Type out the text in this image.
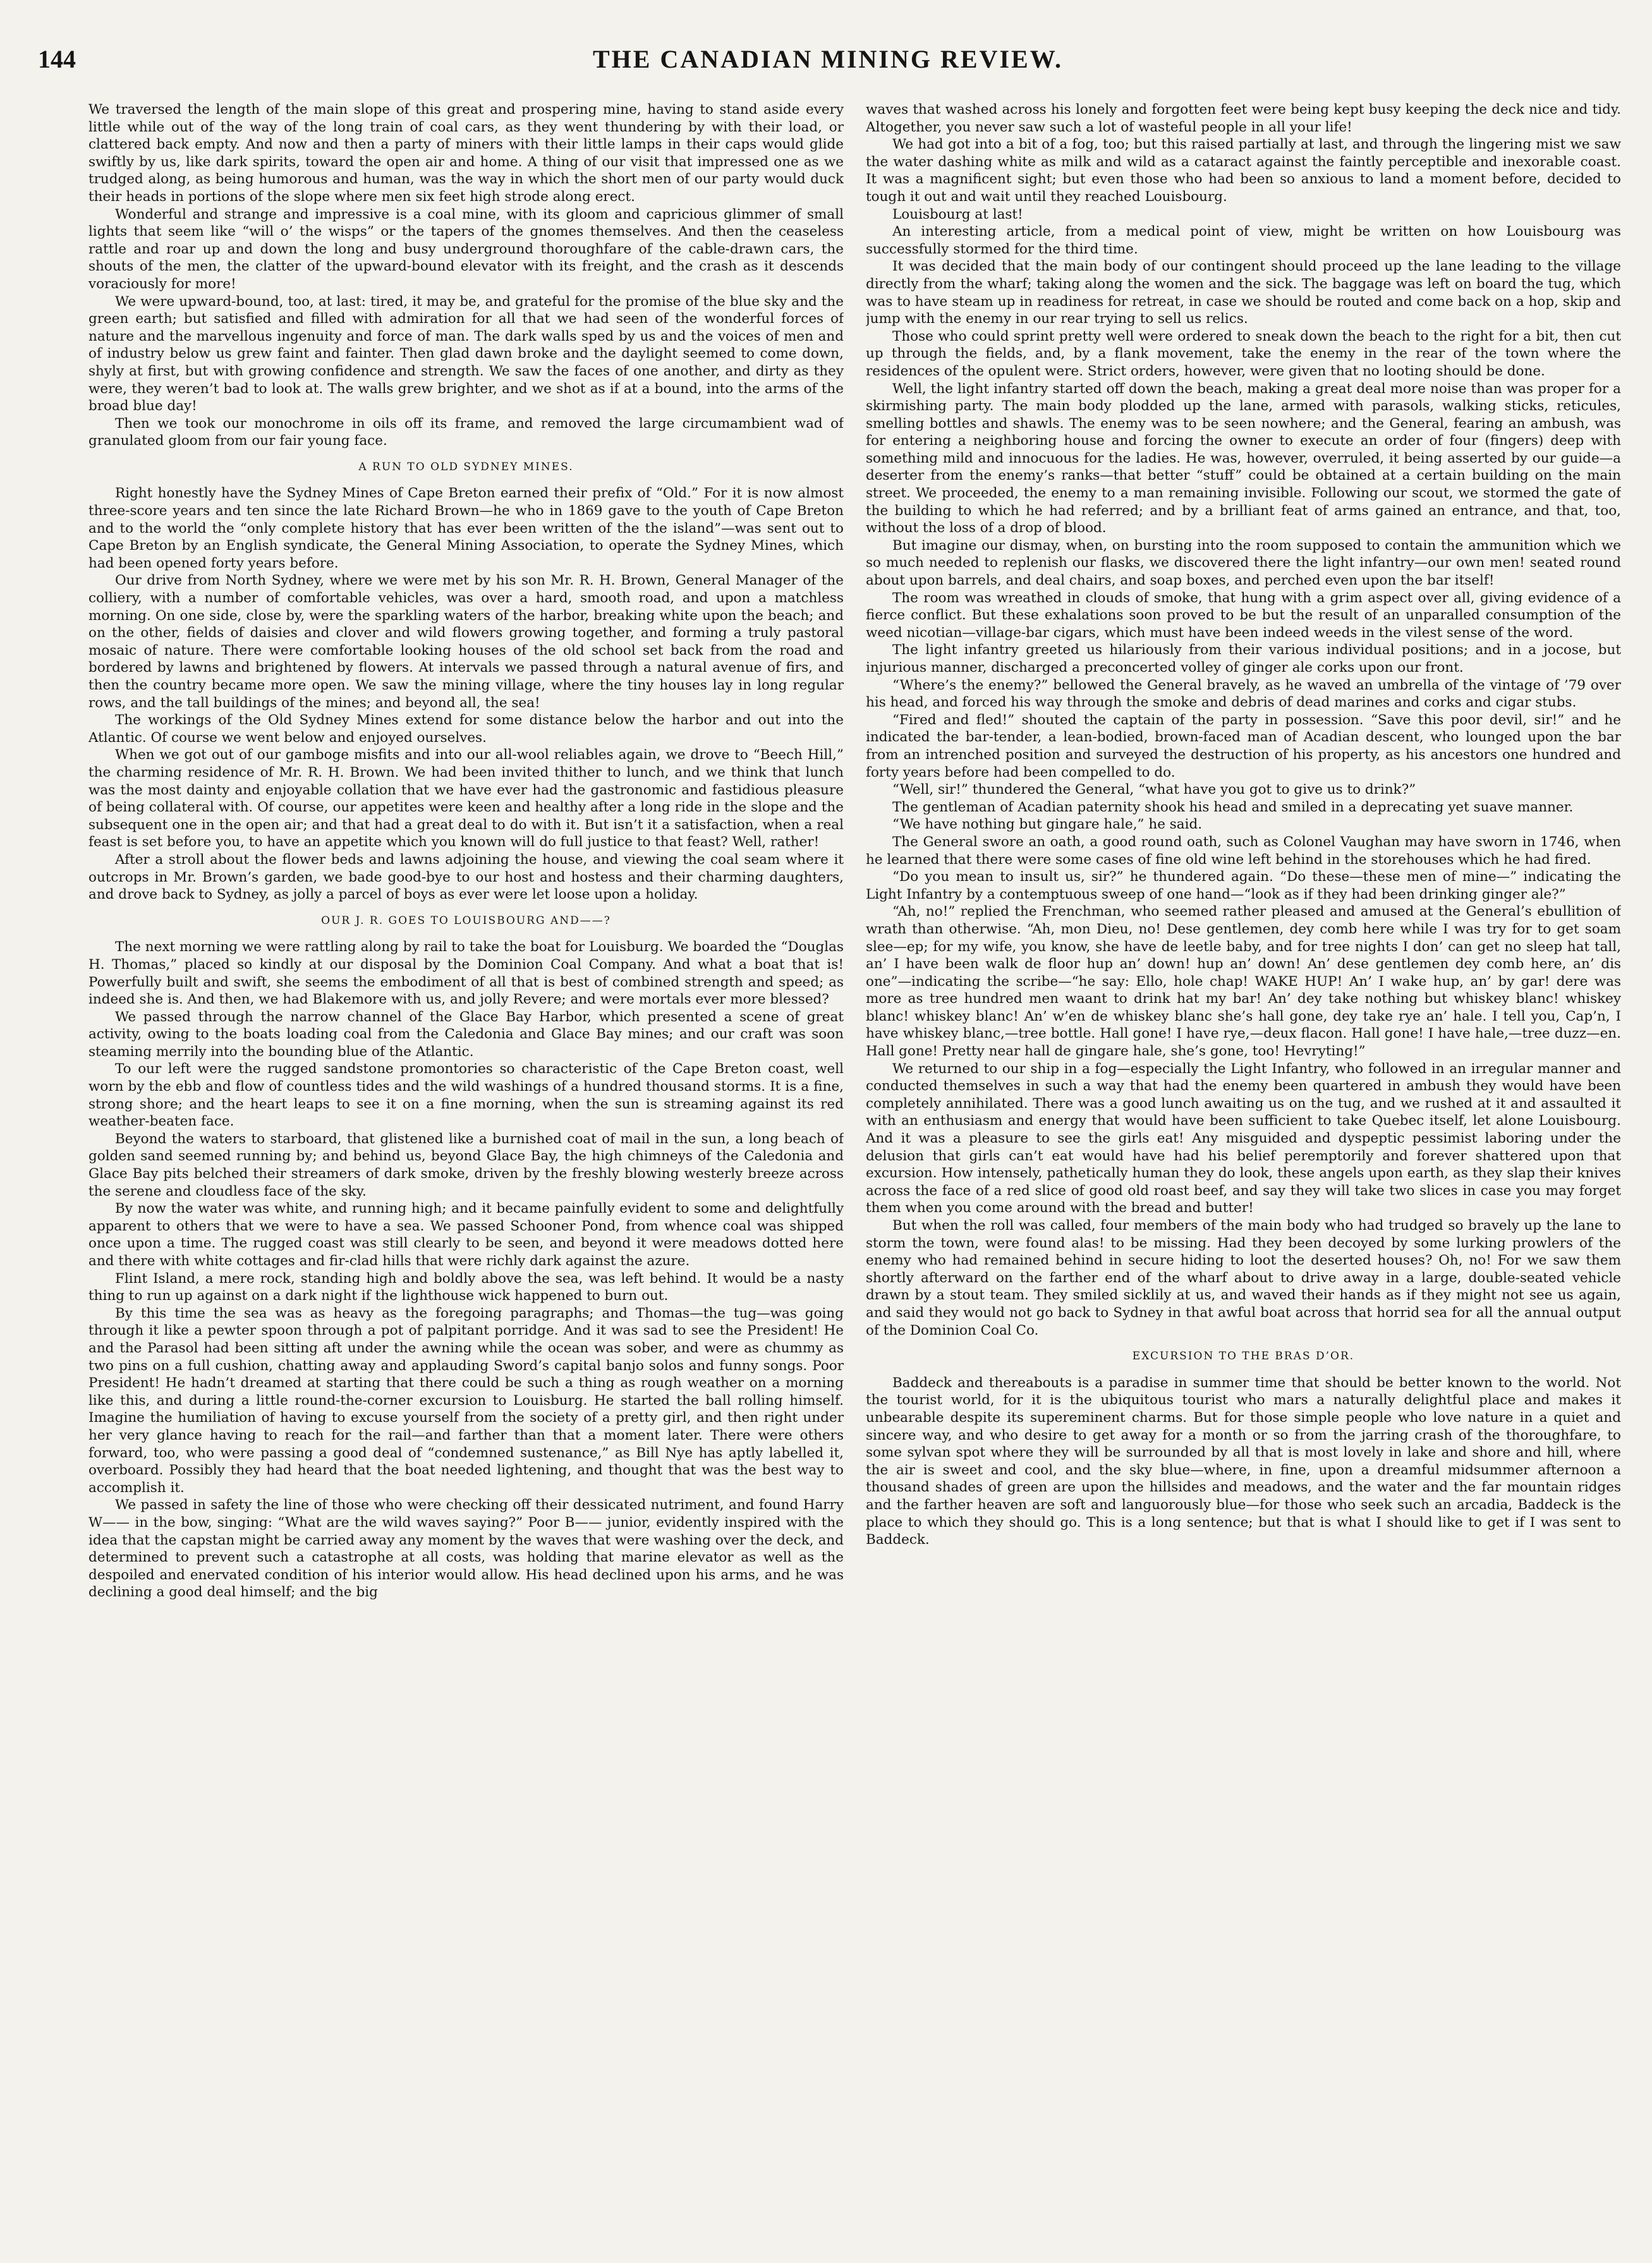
144	THE CANADIAN MINING REVIEW.

We traversed the length of the main slope of this great and prospering mine, having to stand aside every little while out of the way of the long train of coal cars, as they went thundering by with their load, or clattered back empty. And now and then a party of miners with their little lamps in their caps would glide swiftly by us, like dark spirits, toward the open air and home. A thing of our visit that impressed one as we trudged along, as being humorous and human, was the way in which the short men of our party would duck their heads in portions of the slope where men six feet high strode along erect.

Wonderful and strange and impressive is a coal mine, with its gloom and capricious glimmer of small lights that seem like “will o’ the wisps” or the tapers of the gnomes themselves. And then the ceaseless rattle and roar up and down the long and busy underground thoroughfare of the cable-drawn cars, the shouts of the men, the clatter of the upward-bound elevator with its freight, and the crash as it descends voraciously for more!

We were upward-bound, too, at last: tired, it may be, and grateful for the promise of the blue sky and the green earth; but satisfied and filled with admiration for all that we had seen of the wonderful forces of nature and the marvellous ingenuity and force of man. The dark walls sped by us and the voices of men and of industry below us grew faint and fainter. Then glad dawn broke and the daylight seemed to come down, shyly at first, but with growing confidence and strength. We saw the faces of one another, and dirty as they were, they weren’t bad to look at. The walls grew brighter, and we shot as if at a bound, into the arms of the broad blue day!

Then we took our monochrome in oils off its frame, and removed the large circumambient wad of granulated gloom from our fair young face.

A RUN TO OLD SYDNEY MINES.

Right honestly have the Sydney Mines of Cape Breton earned their prefix of “Old.” For it is now almost three-score years and ten since the late Richard Brown—he who in 1869 gave to the youth of Cape Breton and to the world the “only complete history that has ever been written of the the island”—was sent out to Cape Breton by an English syndicate, the General Mining Association, to operate the Sydney Mines, which had been opened forty years before.

Our drive from North Sydney, where we were met by his son Mr. R. H. Brown, General Manager of the colliery, with a number of comfortable vehicles, was over a hard, smooth road, and upon a matchless morning. On one side, close by, were the sparkling waters of the harbor, breaking white upon the beach; and on the other, fields of daisies and clover and wild flowers growing together, and forming a truly pastoral mosaic of nature. There were comfortable looking houses of the old school set back from the road and bordered by lawns and brightened by flowers. At intervals we passed through a natural avenue of firs, and then the country became more open. We saw the mining village, where the tiny houses lay in long regular rows, and the tall buildings of the mines; and beyond all, the sea!

The workings of the Old Sydney Mines extend for some distance below the harbor and out into the Atlantic. Of course we went below and enjoyed ourselves.

When we got out of our gamboge misfits and into our all-wool reliables again, we drove to “Beech Hill,” the charming residence of Mr. R. H. Brown. We had been invited thither to lunch, and we think that lunch was the most dainty and enjoyable collation that we have ever had the gastronomic and fastidious pleasure of being collateral with. Of course, our appetites were keen and healthy after a long ride in the slope and the subsequent one in the open air; and that had a great deal to do with it. But isn’t it a satisfaction, when a real feast is set before you, to have an appetite which you known will do full justice to that feast? Well, rather!

After a stroll about the flower beds and lawns adjoining the house, and viewing the coal seam where it outcrops in Mr. Brown’s garden, we bade good-bye to our host and hostess and their charming daughters, and drove back to Sydney, as jolly a parcel of boys as ever were let loose upon a holiday.

OUR J. R. GOES TO LOUISBOURG AND——?

The next morning we were rattling along by rail to take the boat for Louisburg. We boarded the “Douglas H. Thomas,” placed so kindly at our disposal by the Dominion Coal Company. And what a boat that is! Powerfully built and swift, she seems the embodiment of all that is best of combined strength and speed; as indeed she is. And then, we had Blakemore with us, and jolly Revere; and were mortals ever more blessed?

We passed through the narrow channel of the Glace Bay Harbor, which presented a scene of great activity, owing to the boats loading coal from the Caledonia and Glace Bay mines; and our craft was soon steaming merrily into the bounding blue of the Atlantic.

To our left were the rugged sandstone promontories so characteristic of the Cape Breton coast, well worn by the ebb and flow of countless tides and the wild washings of a hundred thousand storms. It is a fine, strong shore; and the heart leaps to see it on a fine morning, when the sun is streaming against its red weather-beaten face.

Beyond the waters to starboard, that glistened like a burnished coat of mail in the sun, a long beach of golden sand seemed running by; and behind us, beyond Glace Bay, the high chimneys of the Caledonia and Glace Bay pits belched their streamers of dark smoke, driven by the freshly blowing westerly breeze across the serene and cloudless face of the sky.

By now the water was white, and running high; and it became painfully evident to some and delightfully apparent to others that we were to have a sea. We passed Schooner Pond, from whence coal was shipped once upon a time. The rugged coast was still clearly to be seen, and beyond it were meadows dotted here and there with white cottages and fir-clad hills that were richly dark against the azure.

Flint Island, a mere rock, standing high and boldly above the sea, was left behind. It would be a nasty thing to run up against on a dark night if the lighthouse wick happened to burn out.

By this time the sea was as heavy as the foregoing paragraphs; and Thomas—the tug—was going through it like a pewter spoon through a pot of palpitant porridge. And it was sad to see the President! He and the Parasol had been sitting aft under the awning while the ocean was sober, and were as chummy as two pins on a full cushion, chatting away and applauding Sword’s capital banjo solos and funny songs. Poor President! He hadn’t dreamed at starting that there could be such a thing as rough weather on a morning like this, and during a little round-the-corner excursion to Louisburg. He started the ball rolling himself. Imagine the humiliation of having to excuse yourself from the society of a pretty girl, and then right under her very glance having to reach for the rail—and farther than that a moment later. There were others forward, too, who were passing a good deal of “condemned sustenance,” as Bill Nye has aptly labelled it, overboard. Possibly they had heard that the boat needed lightening, and thought that was the best way to accomplish it.

We passed in safety the line of those who were checking off their dessicated nutriment, and found Harry W—— in the bow, singing: “What are the wild waves saying?” Poor B—— junior, evidently inspired with the idea that the capstan might be carried away any moment by the waves that were washing over the deck, and determined to prevent such a catastrophe at all costs, was holding that marine elevator as well as the despoiled and enervated condition of his interior would allow. His head declined upon his arms, and he was declining a good deal himself; and the big

waves that washed across his lonely and forgotten feet were being kept busy keeping the deck nice and tidy. Altogether, you never saw such a lot of wasteful people in all your life!

We had got into a bit of a fog, too; but this raised partially at last, and through the lingering mist we saw the water dashing white as milk and wild as a cataract against the faintly perceptible and inexorable coast. It was a magnificent sight; but even those who had been so anxious to land a moment before, decided to tough it out and wait until they reached Louisbourg.

Louisbourg at last!

An interesting article, from a medical point of view, might be written on how Louisbourg was successfully stormed for the third time.

It was decided that the main body of our contingent should proceed up the lane leading to the village directly from the wharf; taking along the women and the sick. The baggage was left on board the tug, which was to have steam up in readiness for retreat, in case we should be routed and come back on a hop, skip and jump with the enemy in our rear trying to sell us relics.

Those who could sprint pretty well were ordered to sneak down the beach to the right for a bit, then cut up through the fields, and, by a flank movement, take the enemy in the rear of the town where the residences of the opulent were. Strict orders, however, were given that no looting should be done.

Well, the light infantry started off down the beach, making a great deal more noise than was proper for a skirmishing party. The main body plodded up the lane, armed with parasols, walking sticks, reticules, smelling bottles and shawls. The enemy was to be seen nowhere; and the General, fearing an ambush, was for entering a neighboring house and forcing the owner to execute an order of four (fingers) deep with something mild and innocuous for the ladies. He was, however, overruled, it being asserted by our guide—a deserter from the enemy’s ranks—that better “stuff” could be obtained at a certain building on the main street. We proceeded, the enemy to a man remaining invisible. Following our scout, we stormed the gate of the building to which he had referred; and by a brilliant feat of arms gained an entrance, and that, too, without the loss of a drop of blood.

But imagine our dismay, when, on bursting into the room supposed to contain the ammunition which we so much needed to replenish our flasks, we discovered there the light infantry—our own men! seated round about upon barrels, and deal chairs, and soap boxes, and perched even upon the bar itself!

The room was wreathed in clouds of smoke, that hung with a grim aspect over all, giving evidence of a fierce conflict. But these exhalations soon proved to be but the result of an unparalled consumption of the weed nicotian—village-bar cigars, which must have been indeed weeds in the vilest sense of the word.

The light infantry greeted us hilariously from their various individual positions; and in a jocose, but injurious manner, discharged a preconcerted volley of ginger ale corks upon our front.

“Where’s the enemy?” bellowed the General bravely, as he waved an umbrella of the vintage of ’79 over his head, and forced his way through the smoke and debris of dead marines and corks and cigar stubs.

“Fired and fled!” shouted the captain of the party in possession. “Save this poor devil, sir!” and he indicated the bar-tender, a lean-bodied, brown-faced man of Acadian descent, who lounged upon the bar from an intrenched position and surveyed the destruction of his property, as his ancestors one hundred and forty years before had been compelled to do.

“Well, sir!” thundered the General, “what have you got to give us to drink?”

The gentleman of Acadian paternity shook his head and smiled in a deprecating yet suave manner.

“We have nothing but gingare hale,” he said.

The General swore an oath, a good round oath, such as Colonel Vaughan may have sworn in 1746, when he learned that there were some cases of fine old wine left behind in the storehouses which he had fired.

“Do you mean to insult us, sir?” he thundered again. “Do these—these men of mine—” indicating the Light Infantry by a contemptuous sweep of one hand—“look as if they had been drinking ginger ale?”

“Ah, no!” replied the Frenchman, who seemed rather pleased and amused at the General’s ebullition of wrath than otherwise. “Ah, mon Dieu, no! Dese gentlemen, dey comb here while I was try for to get soam slee—ep; for my wife, you know, she have de leetle baby, and for tree nights I don’ can get no sleep hat tall, an’ I have been walk de floor hup an’ down! hup an’ down! An’ dese gentlemen dey comb here, an’ dis one”—indicating the scribe—“he say: Ello, hole chap! WAKE HUP! An’ I wake hup, an’ by gar! dere was more as tree hundred men waant to drink hat my bar! An’ dey take nothing but whiskey blanc! whiskey blanc! whiskey blanc! An’ w’en de whiskey blanc she’s hall gone, dey take rye an’ hale. I tell you, Cap’n, I have whiskey blanc,—tree bottle. Hall gone! I have rye,—deux flacon. Hall gone! I have hale,—tree duzz—en. Hall gone! Pretty near hall de gingare hale, she’s gone, too! Hevryting!”

We returned to our ship in a fog—especially the Light Infantry, who followed in an irregular manner and conducted themselves in such a way that had the enemy been quartered in ambush they would have been completely annihilated. There was a good lunch awaiting us on the tug, and we rushed at it and assaulted it with an enthusiasm and energy that would have been sufficient to take Quebec itself, let alone Louisbourg. And it was a pleasure to see the girls eat! Any misguided and dyspeptic pessimist laboring under the delusion that girls can’t eat would have had his belief peremptorily and forever shattered upon that excursion. How intensely, pathetically human they do look, these angels upon earth, as they slap their knives across the face of a red slice of good old roast beef, and say they will take two slices in case you may forget them when you come around with the bread and butter!

But when the roll was called, four members of the main body who had trudged so bravely up the lane to storm the town, were found alas! to be missing. Had they been decoyed by some lurking prowlers of the enemy who had remained behind in secure hiding to loot the deserted houses? Oh, no! For we saw them shortly afterward on the farther end of the wharf about to drive away in a large, double-seated vehicle drawn by a stout team. They smiled sicklily at us, and waved their hands as if they might not see us again, and said they would not go back to Sydney in that awful boat across that horrid sea for all the annual output of the Dominion Coal Co.

EXCURSION TO THE BRAS D’OR.

Baddeck and thereabouts is a paradise in summer time that should be better known to the world. Not the tourist world, for it is the ubiquitous tourist who mars a naturally delightful place and makes it unbearable despite its supereminent charms. But for those simple people who love nature in a quiet and sincere way, and who desire to get away for a month or so from the jarring crash of the thoroughfare, to some sylvan spot where they will be surrounded by all that is most lovely in lake and shore and hill, where the air is sweet and cool, and the sky blue—where, in fine, upon a dreamful midsummer afternoon a thousand shades of green are upon the hillsides and meadows, and the water and the far mountain ridges and the farther heaven are soft and languorously blue—for those who seek such an arcadia, Baddeck is the place to which they should go. This is a long sentence; but that is what I should like to get if I was sent to Baddeck.
